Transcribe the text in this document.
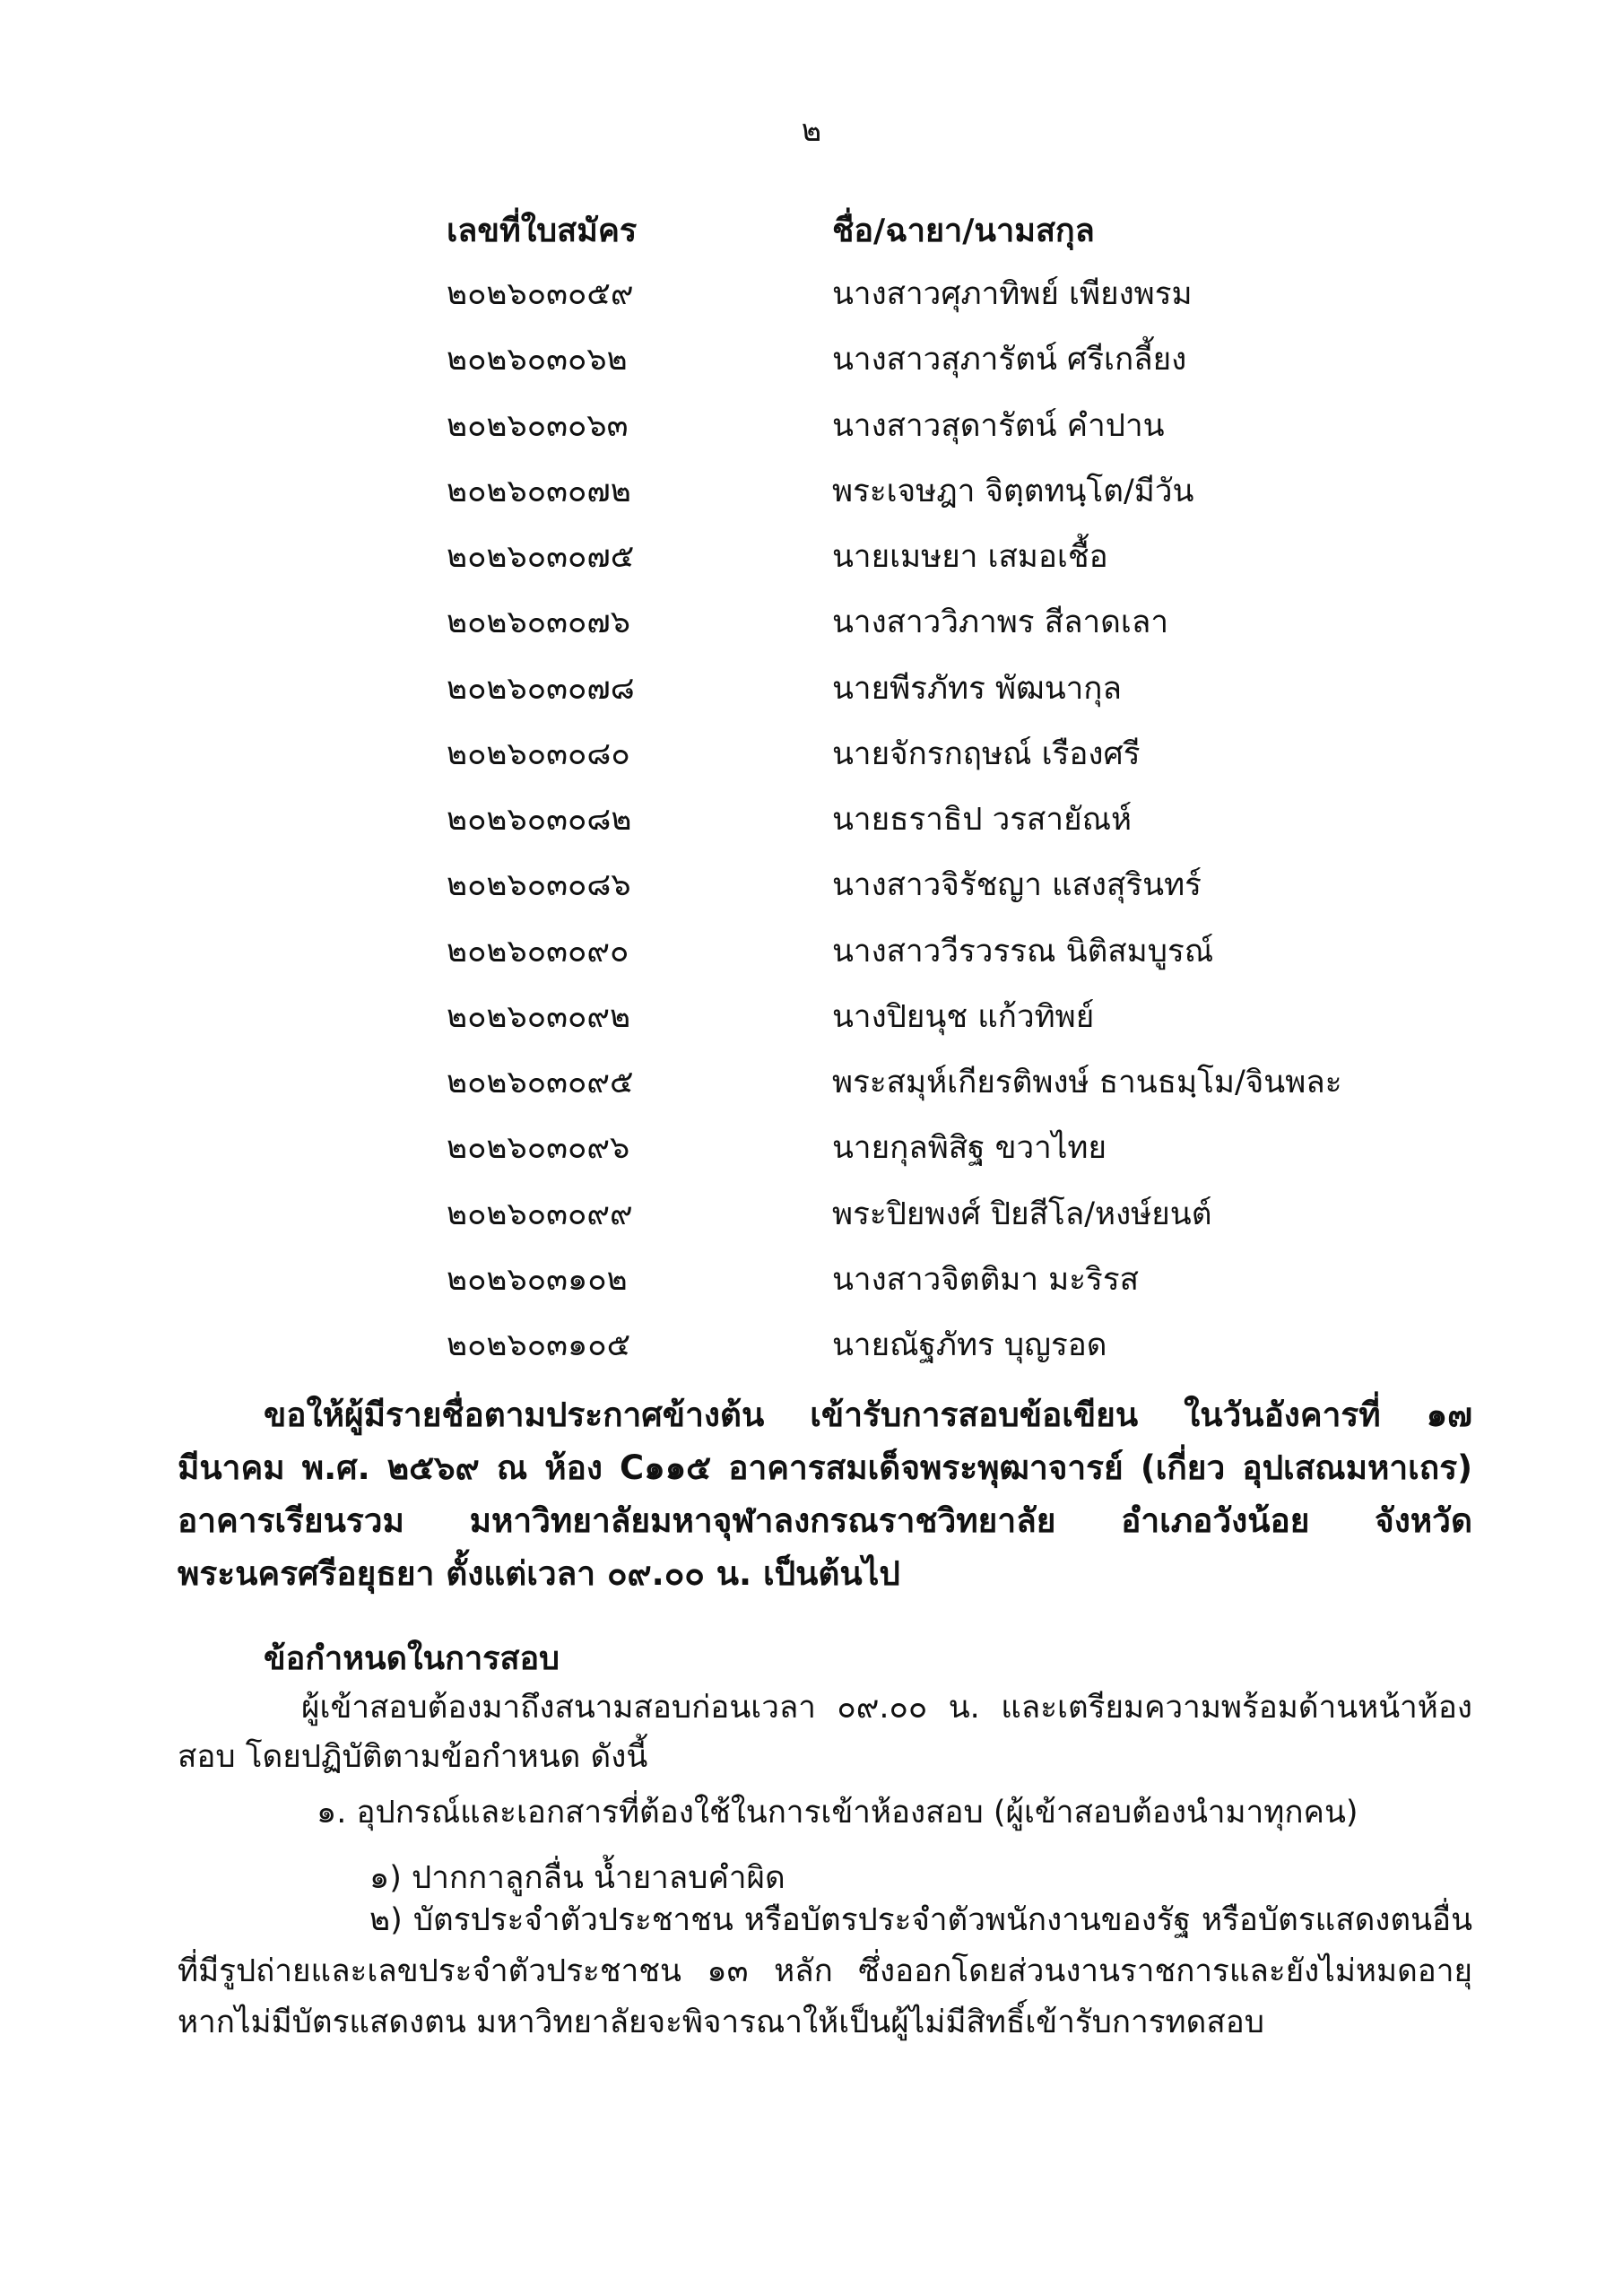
๒
เลขที่ใบสมัคร	ชื่อ/ฉายา/นามสกุล
๒๐๒๖๐๓๐๕๙	นางสาวศุภาทิพย์ เพียงพรม
๒๐๒๖๐๓๐๖๒	นางสาวสุภารัตน์ ศรีเกลี้ยง
๒๐๒๖๐๓๐๖๓	นางสาวสุดารัตน์ คำปาน
๒๐๒๖๐๓๐๗๒	พระเจษฎา จิตฺตทนฺโต/มีวัน
๒๐๒๖๐๓๐๗๕	นายเมษยา เสมอเชื้อ
๒๐๒๖๐๓๐๗๖	นางสาววิภาพร สีลาดเลา
๒๐๒๖๐๓๐๗๘	นายพีรภัทร พัฒนากุล
๒๐๒๖๐๓๐๘๐	นายจักรกฤษณ์ เรืองศรี
๒๐๒๖๐๓๐๘๒	นายธราธิป วรสายัณห์
๒๐๒๖๐๓๐๘๖	นางสาวจิรัชญา แสงสุรินทร์
๒๐๒๖๐๓๐๙๐	นางสาววีรวรรณ นิติสมบูรณ์
๒๐๒๖๐๓๐๙๒	นางปิยนุช แก้วทิพย์
๒๐๒๖๐๓๐๙๕	พระสมุห์เกียรติพงษ์ ธานธมฺโม/จินพละ
๒๐๒๖๐๓๐๙๖	นายกุลพิสิฐ ขวาไทย
๒๐๒๖๐๓๐๙๙	พระปิยพงศ์ ปิยสีโล/หงษ์ยนต์
๒๐๒๖๐๓๑๐๒	นางสาวจิตติมา มะริรส
๒๐๒๖๐๓๑๐๕	นายณัฐภัทร บุญรอด

ขอให้ผู้มีรายชื่อตามประกาศข้างต้น เข้ารับการสอบข้อเขียน ในวันอังคารที่ ๑๗ มีนาคม พ.ศ. ๒๕๖๙ ณ ห้อง C๑๑๕ อาคารสมเด็จพระพุฒาจารย์ (เกี่ยว อุปเสณมหาเถร) อาคารเรียนรวม มหาวิทยาลัยมหาจุฬาลงกรณราชวิทยาลัย อำเภอวังน้อย จังหวัดพระนครศรีอยุธยา ตั้งแต่เวลา ๐๙.๐๐ น. เป็นต้นไป

ข้อกำหนดในการสอบ

ผู้เข้าสอบต้องมาถึงสนามสอบก่อนเวลา ๐๙.๐๐ น. และเตรียมความพร้อมด้านหน้าห้องสอบ โดยปฏิบัติตามข้อกำหนด ดังนี้

๑. อุปกรณ์และเอกสารที่ต้องใช้ในการเข้าห้องสอบ (ผู้เข้าสอบต้องนำมาทุกคน)
๑) ปากกาลูกลื่น น้ำยาลบคำผิด

๒) บัตรประจำตัวประชาชน หรือบัตรประจำตัวพนักงานของรัฐ หรือบัตรแสดงตนอื่น ที่มีรูปถ่ายและเลขประจำตัวประชาชน ๑๓ หลัก ซึ่งออกโดยส่วนงานราชการและยังไม่หมดอายุ หากไม่มีบัตรแสดงตน มหาวิทยาลัยจะพิจารณาให้เป็นผู้ไม่มีสิทธิ์เข้ารับการทดสอบ
